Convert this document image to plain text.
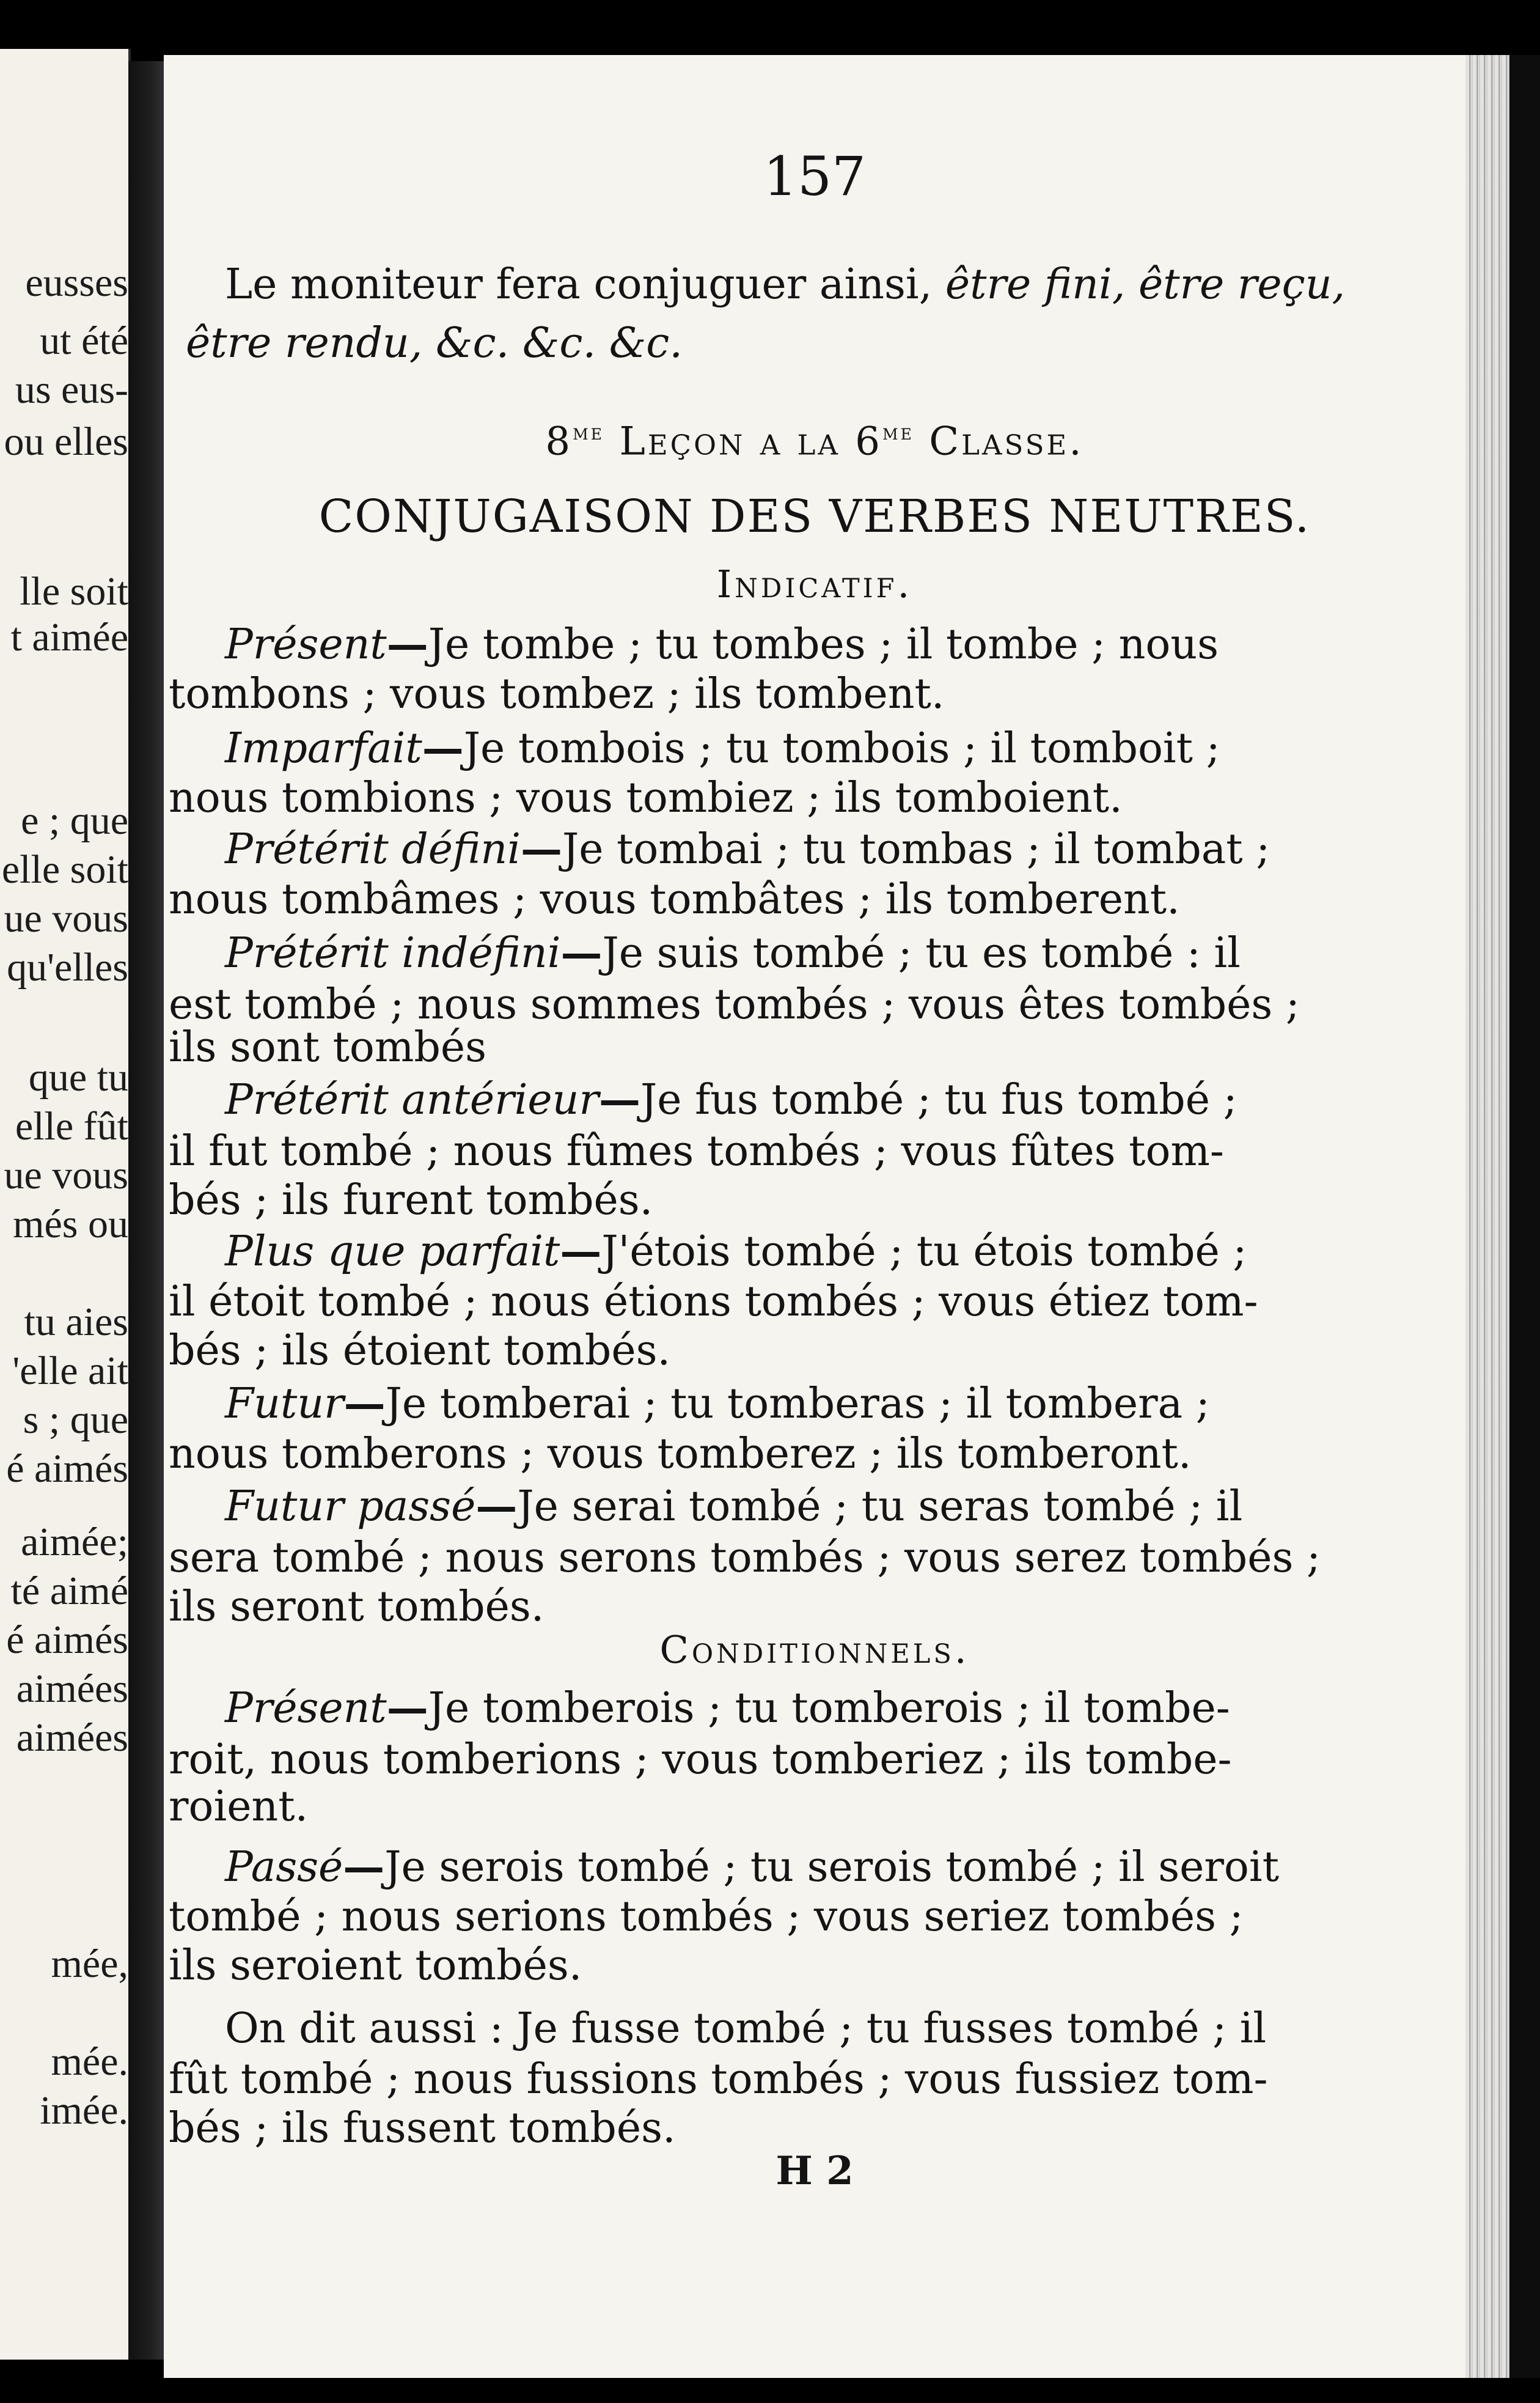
eusses
ut été
us eus-
ou elles
lle soit
t aimée
e ; que
elle soit
ue vous
qu'elles
que tu
elle fût
ue vous
més ou
tu aies
'elle ait
s ; que
é aimés
aimée;
té aimé
é aimés
aimées
aimées
mée,
mée.
imée.
157
Le moniteur fera conjuguer ainsi, être fini, être reçu,
être rendu, &c. &c. &c.
$8^{me}$ Leçon a la $6^{me}$ Classe.
CONJUGAISON DES VERBES NEUTRES.
Indicatif.
Présent—Je tombe ; tu tombes ; il tombe ; nous
tombons ; vous tombez ; ils tombent.
Imparfait—Je tombois ; tu tombois ; il tomboit ;
nous tombions ; vous tombiez ; ils tomboient.
Prétérit défini—Je tombai ; tu tombas ; il tombat ;
nous tombâmes ; vous tombâtes ; ils tomberent.
Prétérit indéfini—Je suis tombé ; tu es tombé : il
est tombé ; nous sommes tombés ; vous êtes tombés ;
ils sont tombés
Prétérit antérieur—Je fus tombé ; tu fus tombé ;
il fut tombé ; nous fûmes tombés ; vous fûtes tom-
bés ; ils furent tombés.
Plus que parfait—J'étois tombé ; tu étois tombé ;
il étoit tombé ; nous étions tombés ; vous étiez tom-
bés ; ils étoient tombés.
Futur—Je tomberai ; tu tomberas ; il tombera ;
nous tomberons ; vous tomberez ; ils tomberont.
Futur passé—Je serai tombé ; tu seras tombé ; il
sera tombé ; nous serons tombés ; vous serez tombés ;
ils seront tombés.
Présent—Je tomberois ; tu tomberois ; il tombe-
roit, nous tomberions ; vous tomberiez ; ils tombe-
roient.
Passé—Je serois tombé ; tu serois tombé ; il seroit
tombé ; nous serions tombés ; vous seriez tombés ;
ils seroient tombés.
On dit aussi : Je fusse tombé ; tu fusses tombé ; il
fût tombé ; nous fussions tombés ; vous fussiez tom-
bés ; ils fussent tombés.
Conditionnels.
H 2
